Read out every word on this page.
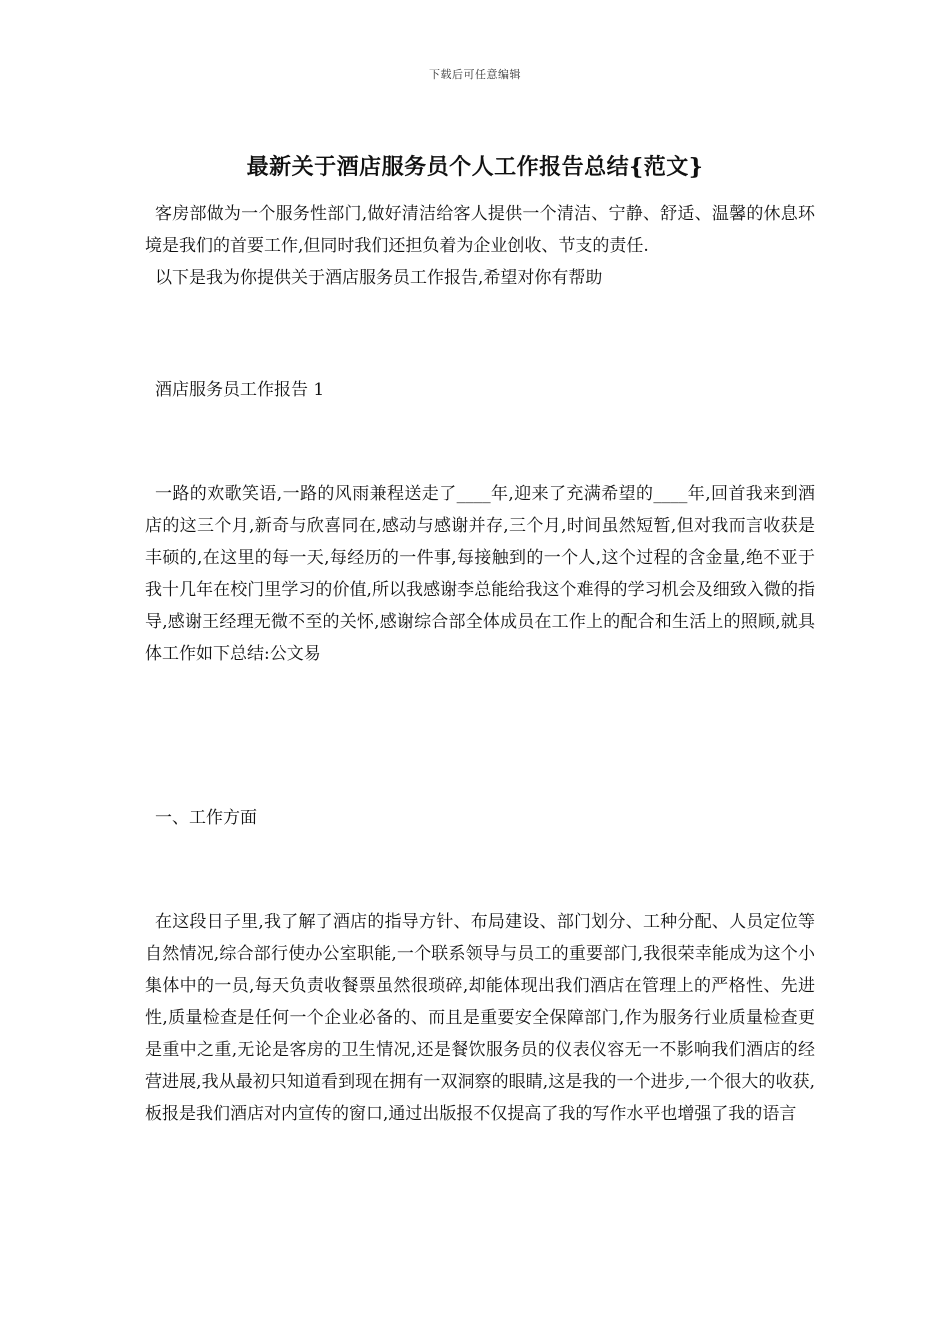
下载后可任意编辑
最新关于酒店服务员个人工作报告总结{范文}

客房部做为一个服务性部门,做好清洁给客人提供一个清洁、宁静、舒适、温馨的休息环境是我们的首要工作,但同时我们还担负着为企业创收、节支的责任.

以下是我为你提供关于酒店服务员工作报告,希望对你有帮助

酒店服务员工作报告 1

一路的欢歌笑语,一路的风雨兼程送走了____年,迎来了充满希望的____年,回首我来到酒店的这三个月,新奇与欣喜同在,感动与感谢并存,三个月,时间虽然短暂,但对我而言收获是丰硕的,在这里的每一天,每经历的一件事,每接触到的一个人,这个过程的含金量,绝不亚于我十几年在校门里学习的价值,所以我感谢李总能给我这个难得的学习机会及细致入微的指导,感谢王经理无微不至的关怀,感谢综合部全体成员在工作上的配合和生活上的照顾,就具体工作如下总结:公文易

一、工作方面

在这段日子里,我了解了酒店的指导方针、布局建设、部门划分、工种分配、人员定位等自然情况,综合部行使办公室职能,一个联系领导与员工的重要部门,我很荣幸能成为这个小集体中的一员,每天负责收餐票虽然很琐碎,却能体现出我们酒店在管理上的严格性、先进性,质量检查是任何一个企业必备的、而且是重要安全保障部门,作为服务行业质量检查更是重中之重,无论是客房的卫生情况,还是餐饮服务员的仪表仪容无一不影响我们酒店的经营进展,我从最初只知道看到现在拥有一双洞察的眼睛,这是我的一个进步,一个很大的收获,板报是我们酒店对内宣传的窗口,通过出版报不仅提高了我的写作水平也增强了我的语言
